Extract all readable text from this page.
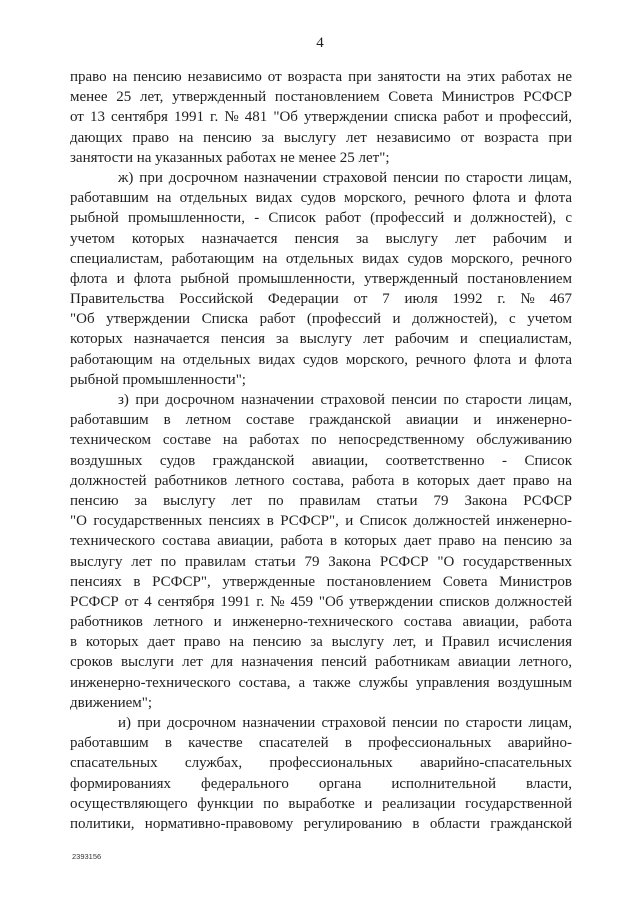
4
право на пенсию независимо от возраста при занятости на этих работах не
менее 25 лет, утвержденный постановлением Совета Министров РСФСР
от 13 сентября 1991 г. № 481 "Об утверждении списка работ и профессий,
дающих право на пенсию за выслугу лет независимо от возраста при
занятости на указанных работах не менее 25 лет";
ж) при досрочном назначении страховой пенсии по старости лицам,
работавшим на отдельных видах судов морского, речного флота и флота
рыбной промышленности, - Список работ (профессий и должностей), с
учетом которых назначается пенсия за выслугу лет рабочим и
специалистам, работающим на отдельных видах судов морского, речного
флота и флота рыбной промышленности, утвержденный постановлением
Правительства Российской Федерации от 7 июля 1992 г. № 467
"Об утверждении Списка работ (профессий и должностей), с учетом
которых назначается пенсия за выслугу лет рабочим и специалистам,
работающим на отдельных видах судов морского, речного флота и флота
рыбной промышленности";
з) при досрочном назначении страховой пенсии по старости лицам,
работавшим в летном составе гражданской авиации и инженерно-
техническом составе на работах по непосредственному обслуживанию
воздушных судов гражданской авиации, соответственно - Список
должностей работников летного состава, работа в которых дает право на
пенсию за выслугу лет по правилам статьи 79 Закона РСФСР
"О государственных пенсиях в РСФСР", и Список должностей инженерно-
технического состава авиации, работа в которых дает право на пенсию за
выслугу лет по правилам статьи 79 Закона РСФСР "О государственных
пенсиях в РСФСР", утвержденные постановлением Совета Министров
РСФСР от 4 сентября 1991 г. № 459 "Об утверждении списков должностей
работников летного и инженерно-технического состава авиации, работа
в которых дает право на пенсию за выслугу лет, и Правил исчисления
сроков выслуги лет для назначения пенсий работникам авиации летного,
инженерно-технического состава, а также службы управления воздушным
движением";
и) при досрочном назначении страховой пенсии по старости лицам,
работавшим в качестве спасателей в профессиональных аварийно-
спасательных службах, профессиональных аварийно-спасательных
формированиях федерального органа исполнительной власти,
осуществляющего функции по выработке и реализации государственной
политики, нормативно-правовому регулированию в области гражданской
2393156
